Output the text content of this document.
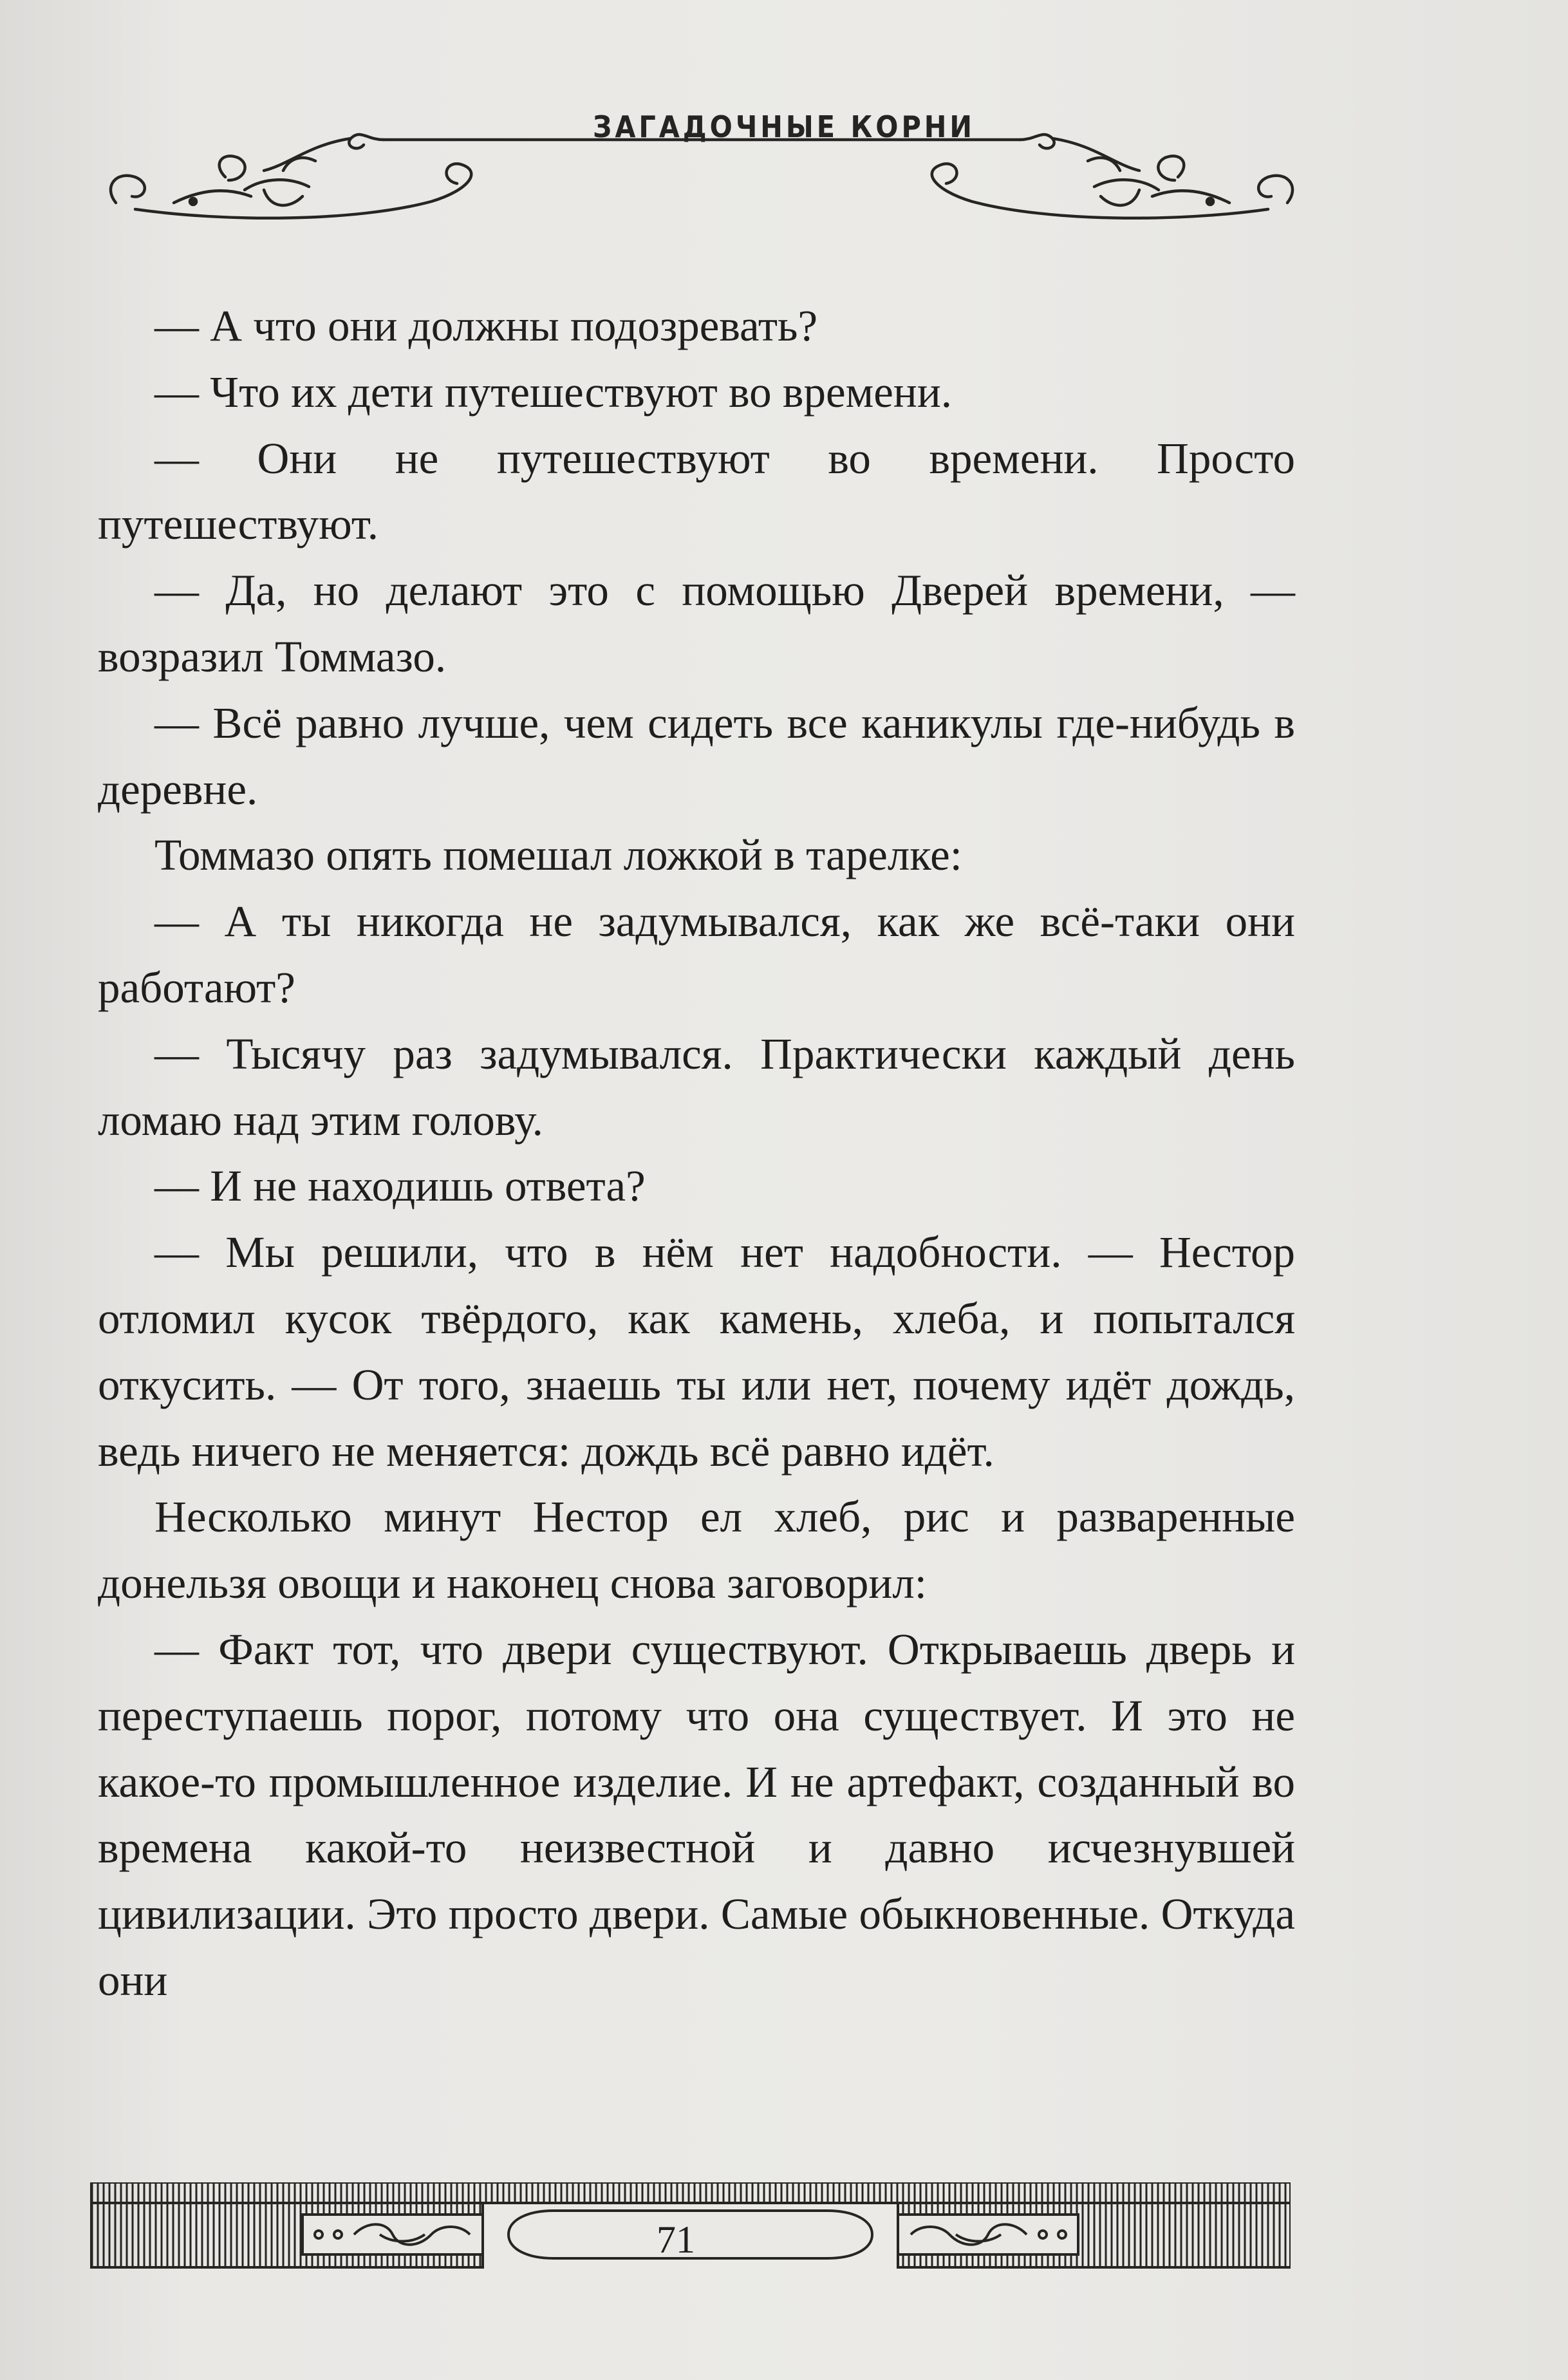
ЗАГАДОЧНЫЕ КОРНИ

— А что они должны подозревать?

— Что их дети путешествуют во времени.

— Они не путешествуют во времени. Просто путешествуют.

— Да, но делают это с помощью Дверей времени, — возразил Томмазо.

— Всё равно лучше, чем сидеть все каникулы где-нибудь в деревне.

Томмазо опять помешал ложкой в тарелке:

— А ты никогда не задумывался, как же всё-таки они работают?

— Тысячу раз задумывался. Практически каждый день ломаю над этим голову.

— И не находишь ответа?

— Мы решили, что в нём нет надобности. — Нестор отломил кусок твёрдого, как камень, хлеба, и попытался откусить. — От того, знаешь ты или нет, почему идёт дождь, ведь ничего не меняется: дождь всё равно идёт.

Несколько минут Нестор ел хлеб, рис и разваренные донельзя овощи и наконец снова заговорил:

— Факт тот, что двери существуют. Открываешь дверь и переступаешь порог, потому что она существует. И это не какое-то промышленное изделие. И не артефакт, созданный во времена какой-то неизвестной и давно исчезнувшей цивилизации. Это просто двери. Самые обыкновенные. Откуда они

71
